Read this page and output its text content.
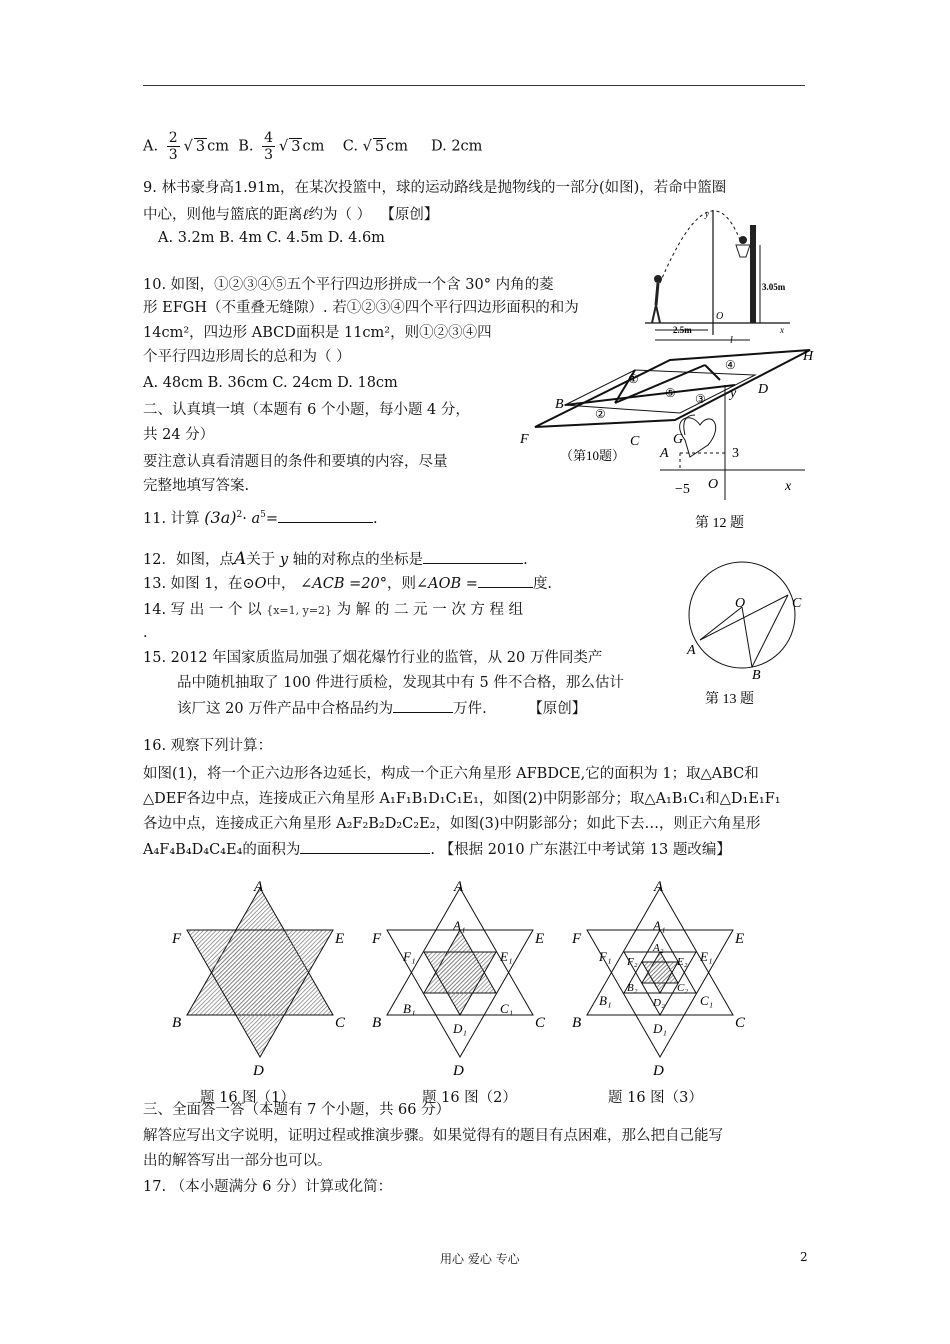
A. $\frac{2}{3}$ √ 3 cm B. $\frac{4}{3}$ √ 3 cm C. √ 5 cm D. 2cm
9. 林书豪身高1.91m，在某次投篮中，球的运动路线是抛物线的一部分(如图)，若命中篮圈
中心，则他与篮底的距离ℓ约为（ ） 【原创】
A. 3.2m B. 4m C. 4.5m D. 4.6m
3.05m
2.5m
l
O
y
x
10. 如图，①②③④⑤五个平行四边形拼成一个含 30° 内角的菱
形 EFGH（不重叠无缝隙）. 若①②③④四个平行四边形面积的和为
14cm²，四边形 ABCD面积是 11cm²，则①②③④四
个平行四边形周长的总和为（ ）
A. 48cm B. 36cm C. 24cm D. 18cm
H
D
B
F	C G
①
②
③
④
⑤
（第10题） A	3
−5 O	x
y
第 12 题
二、认真填一填（本题有 6 个小题，每小题 4 分，
共 24 分）
要注意认真看清题目的条件和要填的内容，尽量
完整地填写答案.
11. 计算 $(3a)^2\cdot a^5=$	.
12．如图，点A关于 y 轴的对称点的坐标是	.
13. 如图 1，在⊙O中， ∠ACB =20°，则∠AOB =	度.
14. 写 出 一 个 以 {x=1, y=2} 为 解 的 二 元 一 次 方 程 组
.
O	C
A
B
第 13 题
15. 2012 年国家质监局加强了烟花爆竹行业的监管，从 20 万件同类产
品中随机抽取了 100 件进行质检，发现其中有 5 件不合格，那么估计
该厂这 20 万件产品中合格品约为	万件.	【原创】
16. 观察下列计算：
如图(1)，将一个正六边形各边延长，构成一个正六角星形 AFBDCE,它的面积为 1；取△ABC和
△DEF各边中点，连接成正六角星形 A₁F₁B₁D₁C₁E₁，如图(2)中阴影部分；取△A₁B₁C₁和△D₁E₁F₁
各边中点，连接成正六角星形 A₂F₂B₂D₂C₂E₂，如图(3)中阴影部分；如此下去…，则正六角星形
A₄F₄B₄D₄C₄E₄的面积为	. 【根据 2010 广东湛江中考试第 13 题改编】
A
F	E
B	C
D
A
F	E
B	C
D
A₁
F₁	E₁
B₁	C₁
D₁
A
F	E
B	C
D
A₁
F₁	E₁
B₁	C₁
D₁
A₂
F₂	E₂
B₂	C₂
D₂
题 16 图（1）	题 16 图（2）	题 16 图（3）
三、全面答一答（本题有 7 个小题，共 66 分）
解答应写出文字说明，证明过程或推演步骤。如果觉得有的题目有点困难，那么把自己能写
出的解答写出一部分也可以。
17. （本小题满分 6 分）计算或化简：
用心 爱心 专心	2
